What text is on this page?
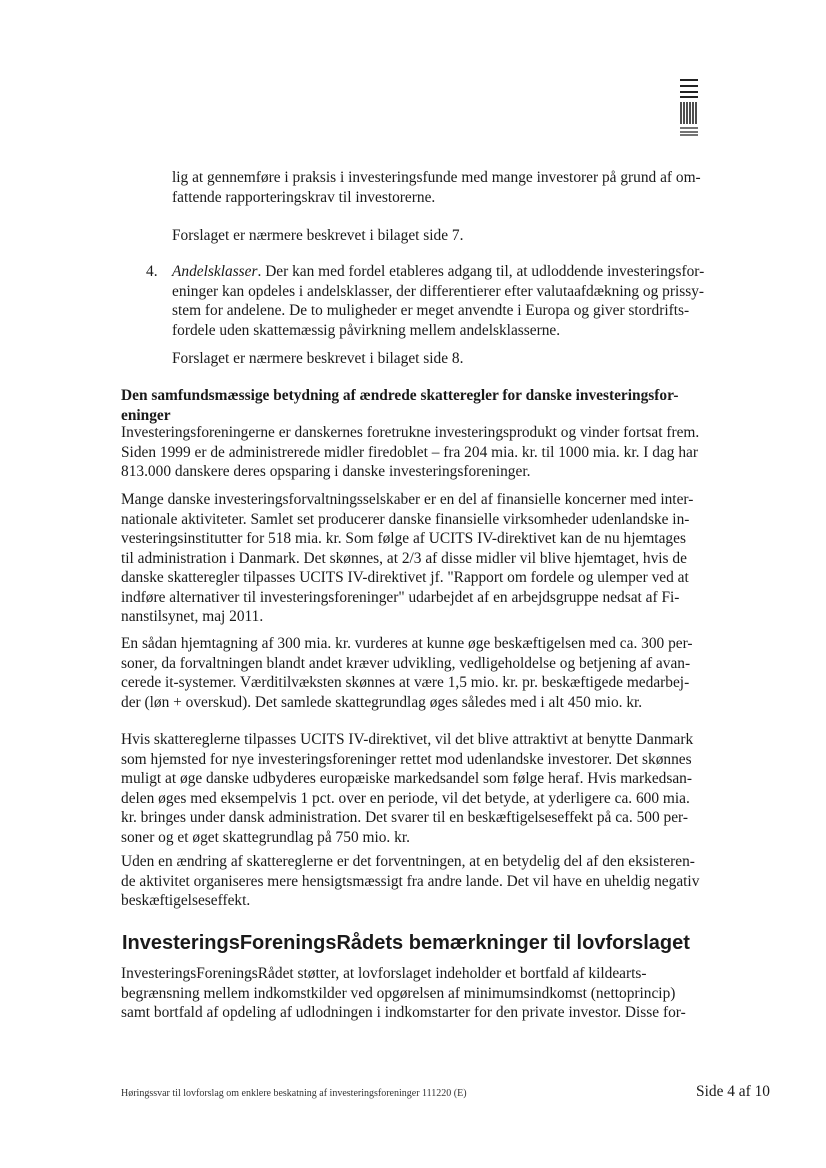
lig at gennemføre i praksis i investeringsfunde med mange investorer på grund af om-
fattende rapporteringskrav til investorerne.
Forslaget er nærmere beskrevet i bilaget side 7.
4. Andelsklasser. Der kan med fordel etableres adgang til, at udloddende investeringsfor-
eninger kan opdeles i andelsklasser, der differentierer efter valutaafdækning og prissy-
stem for andelene. De to muligheder er meget anvendte i Europa og giver stordrifts-
fordele uden skattemæssig påvirkning mellem andelsklasserne.
Forslaget er nærmere beskrevet i bilaget side 8.
Den samfundsmæssige betydning af ændrede skatteregler for danske investeringsfor-
eninger
Investeringsforeningerne er danskernes foretrukne investeringsprodukt og vinder fortsat frem.
Siden 1999 er de administrerede midler firedoblet – fra 204 mia. kr. til 1000 mia. kr. I dag har
813.000 danskere deres opsparing i danske investeringsforeninger.
Mange danske investeringsforvaltningsselskaber er en del af finansielle koncerner med inter-
nationale aktiviteter. Samlet set producerer danske finansielle virksomheder udenlandske in-
vesteringsinstitutter for 518 mia. kr. Som følge af UCITS IV-direktivet kan de nu hjemtages
til administration i Danmark. Det skønnes, at 2/3 af disse midler vil blive hjemtaget, hvis de
danske skatteregler tilpasses UCITS IV-direktivet jf. "Rapport om fordele og ulemper ved at
indføre alternativer til investeringsforeninger" udarbejdet af en arbejdsgruppe nedsat af Fi-
nanstilsynet, maj 2011.
En sådan hjemtagning af 300 mia. kr. vurderes at kunne øge beskæftigelsen med ca. 300 per-
soner, da forvaltningen blandt andet kræver udvikling, vedligeholdelse og betjening af avan-
cerede it-systemer. Værditilvæksten skønnes at være 1,5 mio. kr. pr. beskæftigede medarbej-
der (løn + overskud). Det samlede skattegrundlag øges således med i alt 450 mio. kr.
Hvis skattereglerne tilpasses UCITS IV-direktivet, vil det blive attraktivt at benytte Danmark
som hjemsted for nye investeringsforeninger rettet mod udenlandske investorer. Det skønnes
muligt at øge danske udbyderes europæiske markedsandel som følge heraf. Hvis markedsan-
delen øges med eksempelvis 1 pct. over en periode, vil det betyde, at yderligere ca. 600 mia.
kr. bringes under dansk administration. Det svarer til en beskæftigelseseffekt på ca. 500 per-
soner og et øget skattegrundlag på 750 mio. kr.
Uden en ændring af skattereglerne er det forventningen, at en betydelig del af den eksisteren-
de aktivitet organiseres mere hensigtsmæssigt fra andre lande. Det vil have en uheldig negativ
beskæftigelseseffekt.
InvesteringsForeningsRådets bemærkninger til lovforslaget
InvesteringsForeningsRådet støtter, at lovforslaget indeholder et bortfald af kildearts-
begrænsning mellem indkomstkilder ved opgørelsen af minimumsindkomst (nettoprincip)
samt bortfald af opdeling af udlodningen i indkomstarter for den private investor. Disse for-
Høringssvar til lovforslag om enklere beskatning af investeringsforeninger 111220 (E)	Side 4 af 10
